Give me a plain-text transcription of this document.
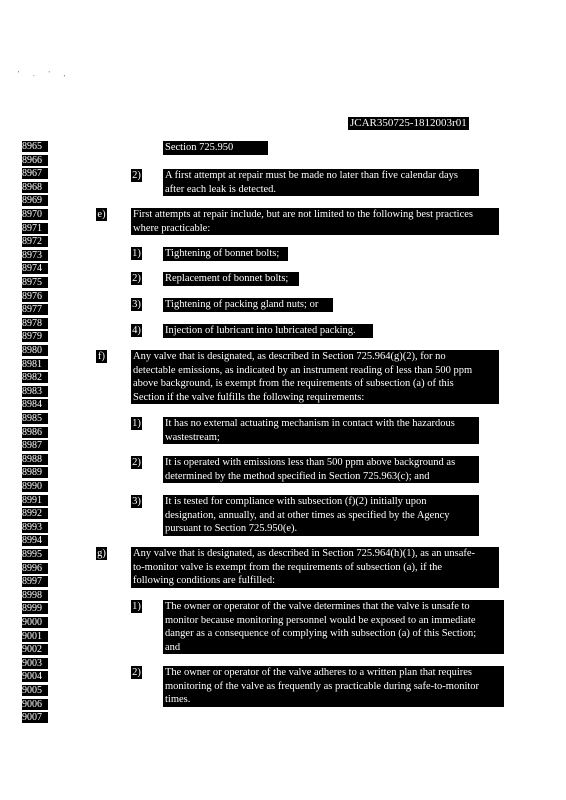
' . ' ,
JCAR350725-1812003r01
8965
8966
8967
8968
8969
8970
8971
8972
8973
8974
8975
8976
8977
8978
8979
8980
8981
8982
8983
8984
8985
8986
8987
8988
8989
8990
8991
8992
8993
8994
8995
8996
8997
8998
8999
9000
9001
9002
9003
9004
9005
9006
9007
Section 725.950
2) A first attempt at repair must be made no later than five calendar days
after each leak is detected.
e)	First attempts at repair include, but are not limited to the following best practices
where practicable:
1) Tightening of bonnet bolts;
2) Replacement of bonnet bolts;
3) Tightening of packing gland nuts; or
4) Injection of lubricant into lubricated packing.
f)	Any valve that is designated, as described in Section 725.964(g)(2), for no
detectable emissions, as indicated by an instrument reading of less than 500 ppm
above background, is exempt from the requirements of subsection (a) of this
Section if the valve fulfills the following requirements:
1) It has no external actuating mechanism in contact with the hazardous
wastestream;
2) It is operated with emissions less than 500 ppm above background as
determined by the method specified in Section 725.963(c); and
3) It is tested for compliance with subsection (f)(2) initially upon
designation, annually, and at other times as specified by the Agency
pursuant to Section 725.950(e).
g)	Any valve that is designated, as described in Section 725.964(h)(1), as an unsafe-
to-monitor valve is exempt from the requirements of subsection (a), if the
following conditions are fulfilled:
1) The owner or operator of the valve determines that the valve is unsafe to
monitor because monitoring personnel would be exposed to an immediate
danger as a consequence of complying with subsection (a) of this Section;
and
2) The owner or operator of the valve adheres to a written plan that requires
monitoring of the valve as frequently as practicable during safe-to-monitor
times.
